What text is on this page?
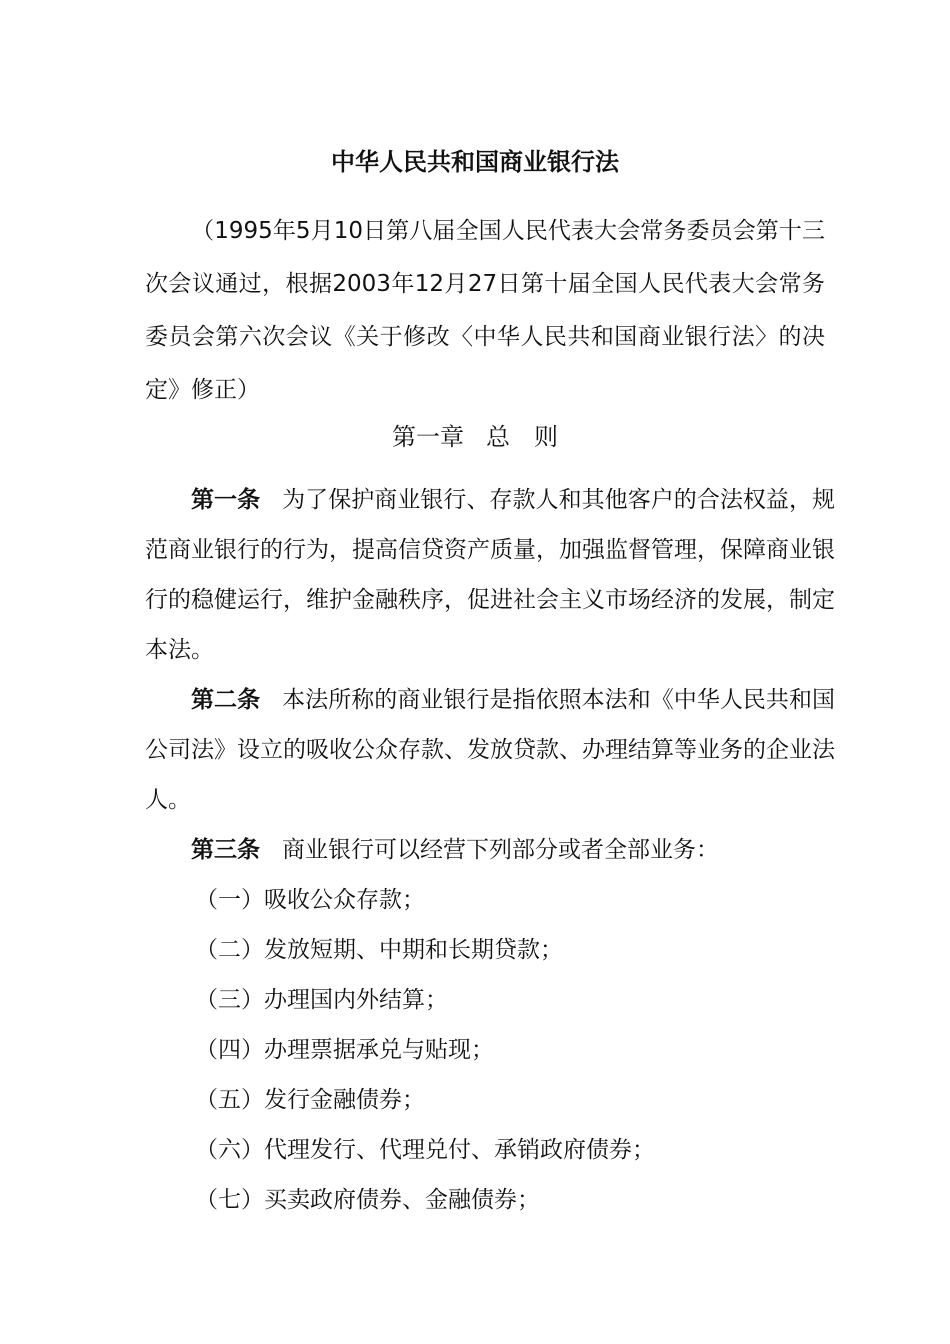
中华人民共和国商业银行法
（1995年5月10日第八届全国人民代表大会常务委员会第十三次会议通过，根据2003年12月27日第十届全国人民代表大会常务委员会第六次会议《关于修改〈中华人民共和国商业银行法〉的决定》修正）
第一章 总　则

第一条 为了保护商业银行、存款人和其他客户的合法权益，规范商业银行的行为，提高信贷资产质量，加强监督管理，保障商业银行的稳健运行，维护金融秩序，促进社会主义市场经济的发展，制定本法。

第二条 本法所称的商业银行是指依照本法和《中华人民共和国公司法》设立的吸收公众存款、发放贷款、办理结算等业务的企业法人。

第三条 商业银行可以经营下列部分或者全部业务：

（一）吸收公众存款；

（二）发放短期、中期和长期贷款；

（三）办理国内外结算；

（四）办理票据承兑与贴现；

（五）发行金融债券；

（六）代理发行、代理兑付、承销政府债券；

（七）买卖政府债券、金融债券；
